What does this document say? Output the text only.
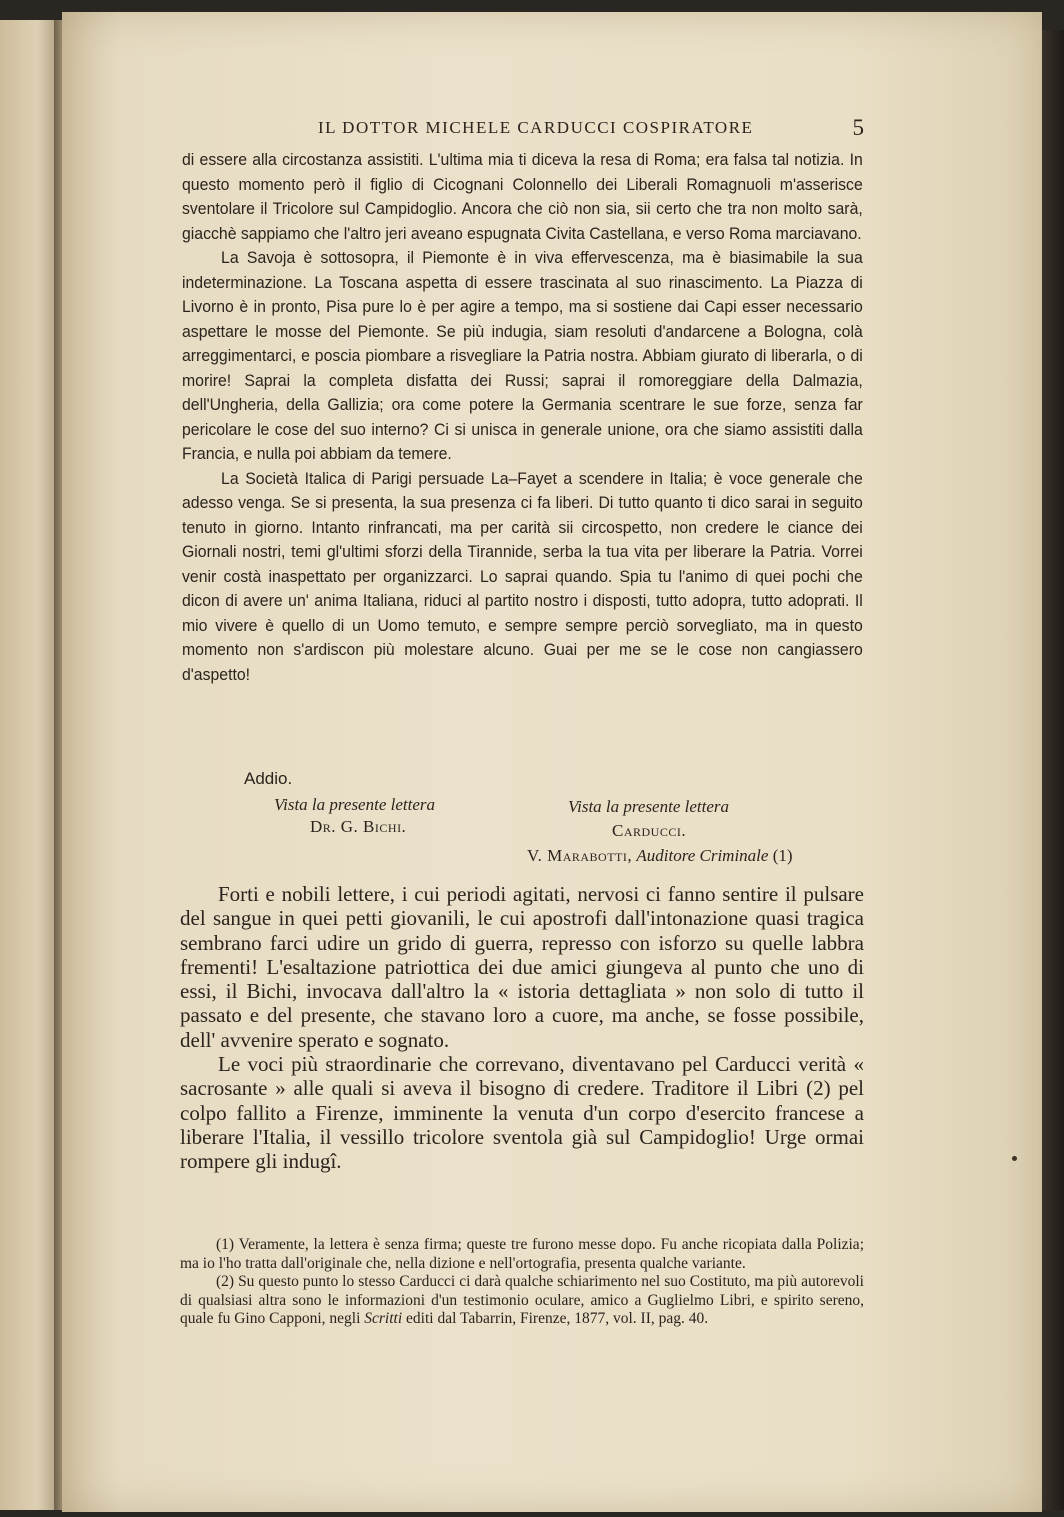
IL DOTTOR MICHELE CARDUCCI COSPIRATORE	5

di essere alla circostanza assistiti. L'ultima mia ti diceva la resa di Roma; era falsa tal notizia. In questo momento però il figlio di Cicognani Colonnello dei Liberali Romagnuoli m'asserisce sventolare il Tricolore sul Campidoglio. Ancora che ciò non sia, sii certo che tra non molto sarà, giacchè sappiamo che l'altro jeri aveano espugnata Civita Castellana, e verso Roma marciavano.

La Savoja è sottosopra, il Piemonte è in viva effervescenza, ma è biasimabile la sua indeterminazione. La Toscana aspetta di essere trascinata al suo rinascimento. La Piazza di Livorno è in pronto, Pisa pure lo è per agire a tempo, ma si sostiene dai Capi esser necessario aspettare le mosse del Piemonte. Se più indugia, siam resoluti d'andarcene a Bologna, colà arreggimentarci, e poscia piombare a risvegliare la Patria nostra. Abbiam giurato di liberarla, o di morire! Saprai la completa disfatta dei Russi; saprai il romoreggiare della Dalmazia, dell'Ungheria, della Gallizia; ora come potere la Germania scentrare le sue forze, senza far pericolare le cose del suo interno? Ci si unisca in generale unione, ora che siamo assistiti dalla Francia, e nulla poi abbiam da temere.

La Società Italica di Parigi persuade La–Fayet a scendere in Italia; è voce generale che adesso venga. Se si presenta, la sua presenza ci fa liberi. Di tutto quanto ti dico sarai in seguito tenuto in giorno. Intanto rinfrancati, ma per carità sii circospetto, non credere le ciance dei Giornali nostri, temi gl'ultimi sforzi della Tirannide, serba la tua vita per liberare la Patria. Vorrei venir costà inaspettato per organizzarci. Lo saprai quando. Spia tu l'animo di quei pochi che dicon di avere un' anima Italiana, riduci al partito nostro i disposti, tutto adopra, tutto adoprati. Il mio vivere è quello di un Uomo temuto, e sempre sempre perciò sorvegliato, ma in questo momento non s'ardiscon più molestare alcuno. Guai per me se le cose non cangiassero d'aspetto!

Addio.
Vista la presente lettera
Dr. G. Bichi.
Vista la presente lettera
Carducci.
V. Marabotti, Auditore Criminale (1)

Forti e nobili lettere, i cui periodi agitati, nervosi ci fanno sentire il pulsare del sangue in quei petti giovanili, le cui apostrofi dall'intonazione quasi tragica sembrano farci udire un grido di guerra, represso con isforzo su quelle labbra frementi! L'esaltazione patriottica dei due amici giungeva al punto che uno di essi, il Bichi, invocava dall'altro la « istoria dettagliata » non solo di tutto il passato e del presente, che stavano loro a cuore, ma anche, se fosse possibile, dell' avvenire sperato e sognato.

Le voci più straordinarie che correvano, diventavano pel Carducci verità « sacrosante » alle quali si aveva il bisogno di credere. Traditore il Libri (2) pel colpo fallito a Firenze, imminente la venuta d'un corpo d'esercito francese a liberare l'Italia, il vessillo tricolore sventola già sul Campidoglio! Urge ormai rompere gli indugî.

(1) Veramente, la lettera è senza firma; queste tre furono messe dopo. Fu anche ricopiata dalla Polizia; ma io l'ho tratta dall'originale che, nella dizione e nell'ortografia, presenta qualche variante.

(2) Su questo punto lo stesso Carducci ci darà qualche schiarimento nel suo Costituto, ma più autorevoli di qualsiasi altra sono le informazioni d'un testimonio oculare, amico a Guglielmo Libri, e spirito sereno, quale fu Gino Capponi, negli Scritti editi dal Tabarrin, Firenze, 1877, vol. II, pag. 40.
